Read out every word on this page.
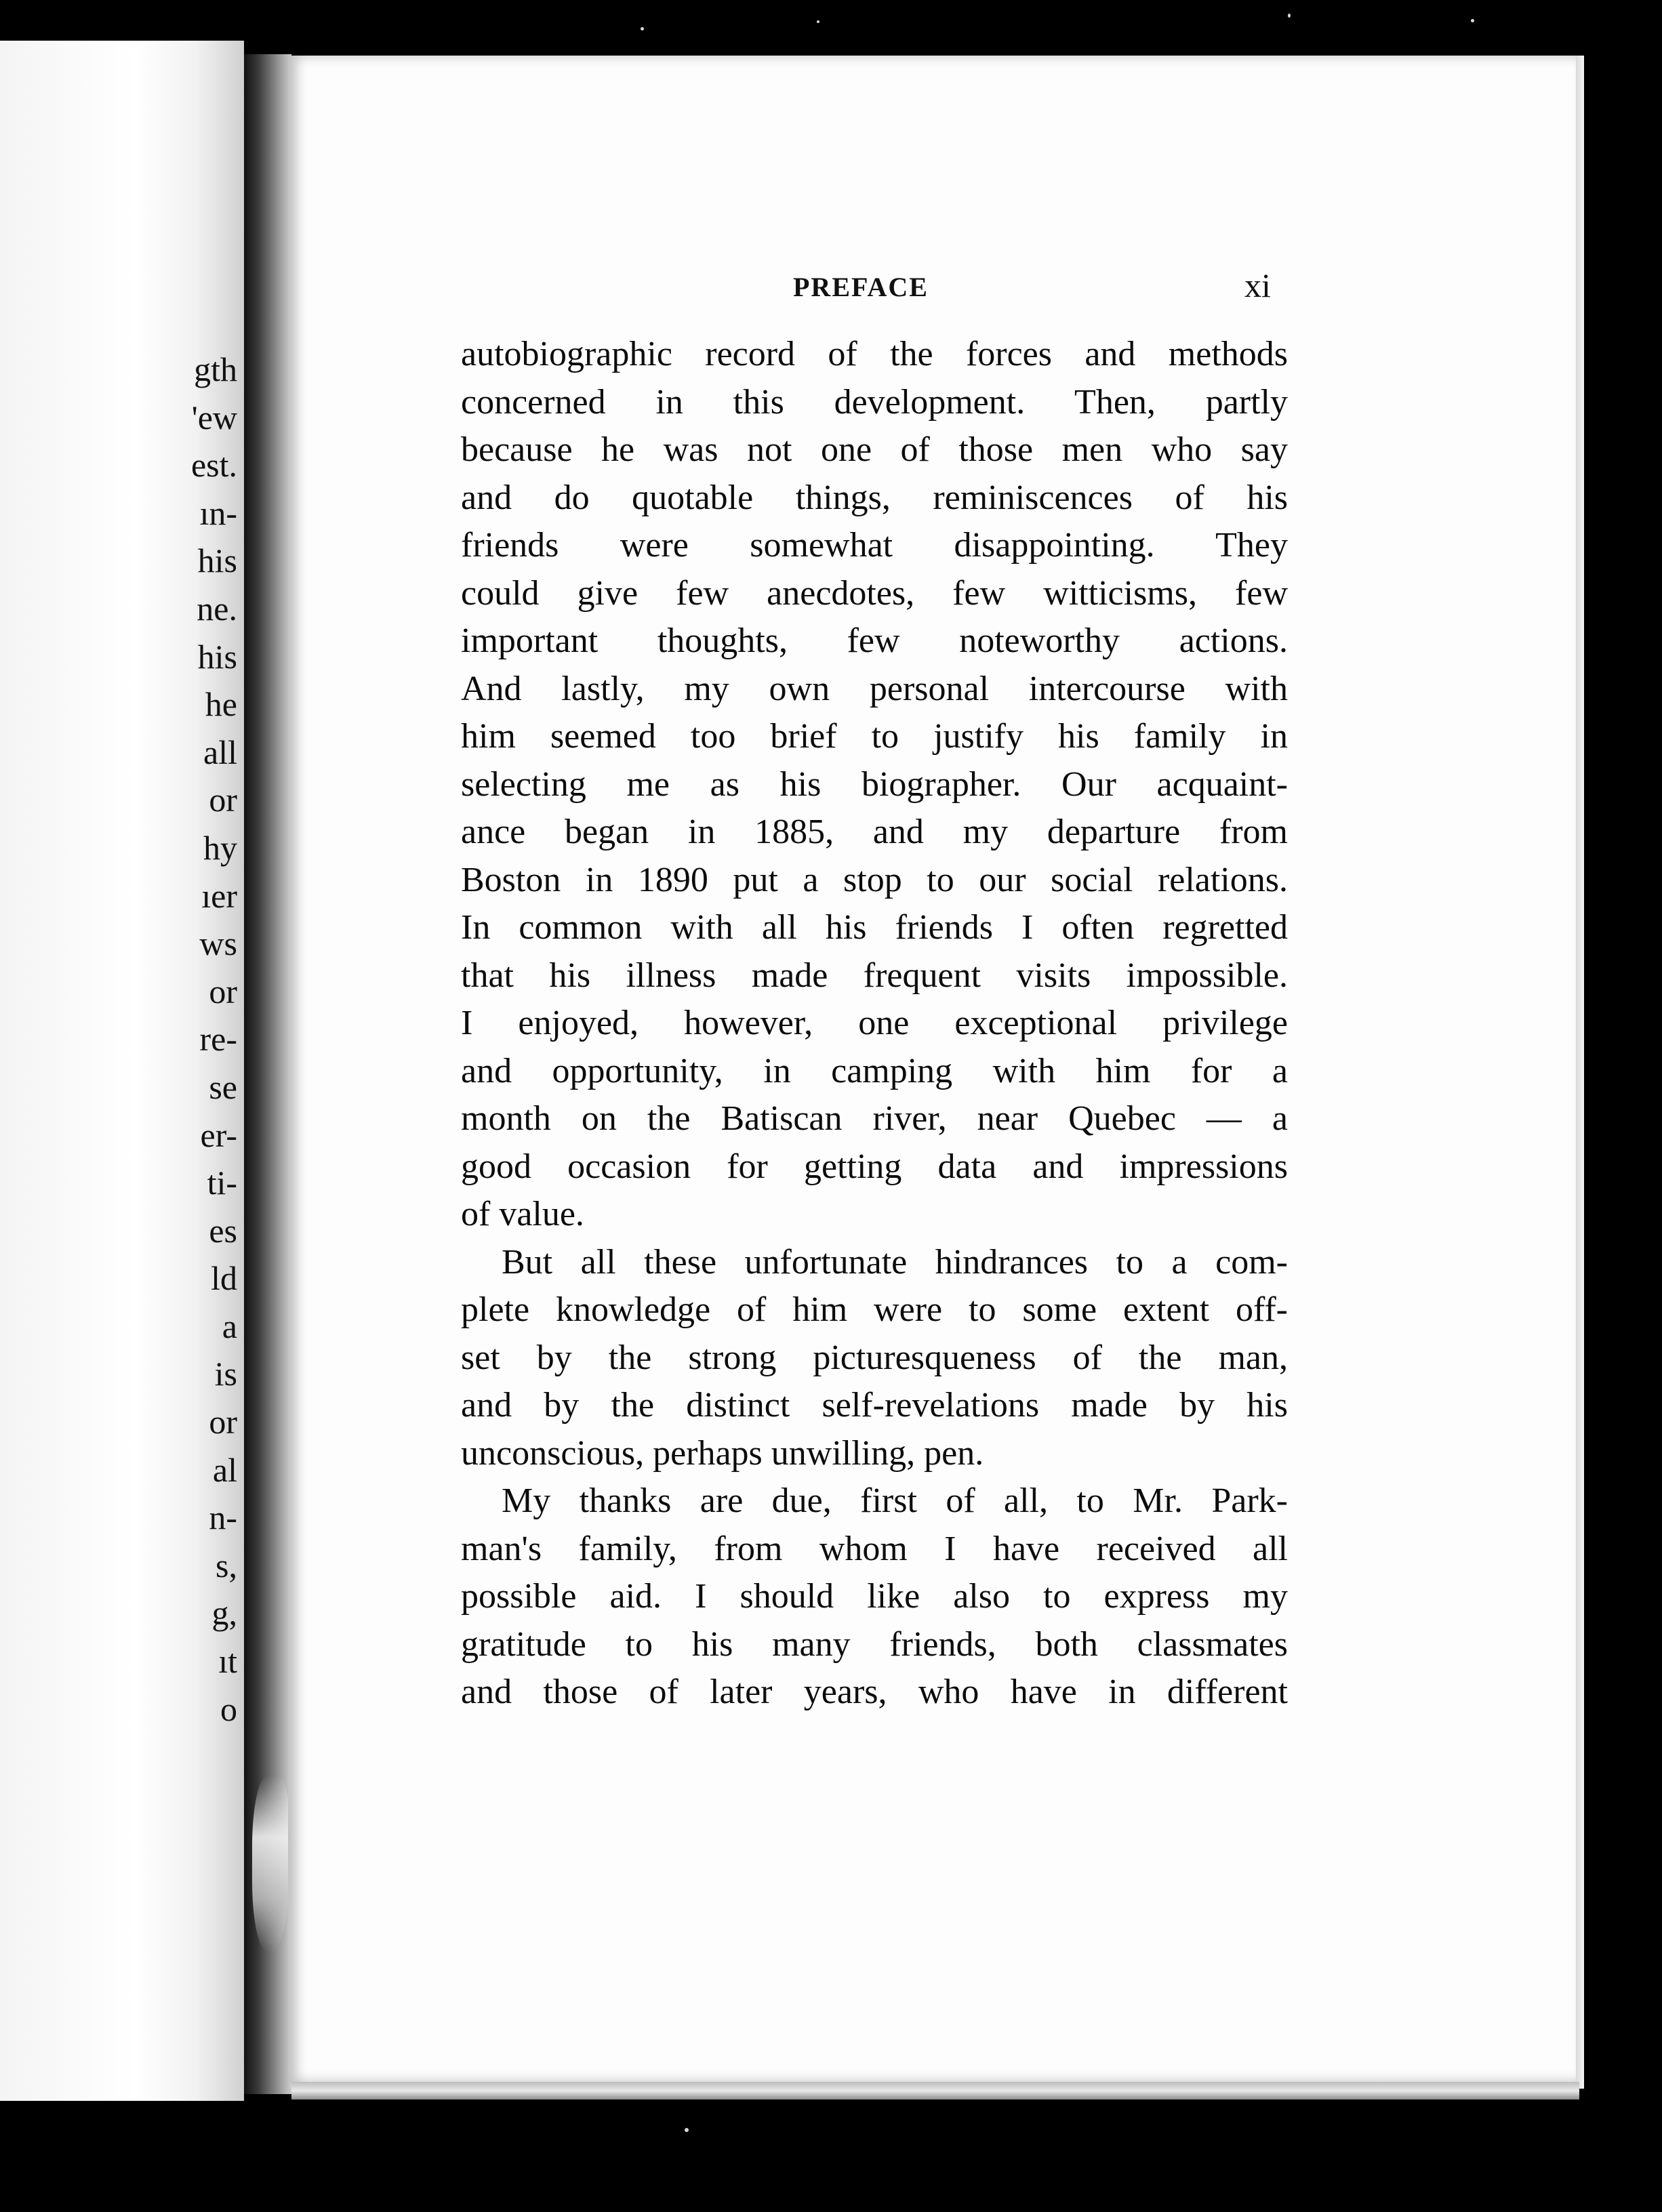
gth
'ew
est.
ın-
his
ne.
his
he
all
or
hy
ıer
ws
or
re-
se
er-
ti-
es
ld
a
is
or
al
n-
s,
g,
ıt
o
PREFACE	xi
autobiographic record of the forces and methods
concerned in this development. Then, partly
because he was not one of those men who say
and do quotable things, reminiscences of his
friends were somewhat disappointing. They
could give few anecdotes, few witticisms, few
important thoughts, few noteworthy actions.
And lastly, my own personal intercourse with
him seemed too brief to justify his family in
selecting me as his biographer. Our acquaint-
ance began in 1885, and my departure from
Boston in 1890 put a stop to our social relations.
In common with all his friends I often regretted
that his illness made frequent visits impossible.
I enjoyed, however, one exceptional privilege
and opportunity, in camping with him for a
month on the Batiscan river, near Quebec — a
good occasion for getting data and impressions
of value.
But all these unfortunate hindrances to a com-
plete knowledge of him were to some extent off-
set by the strong picturesqueness of the man,
and by the distinct self-revelations made by his
unconscious, perhaps unwilling, pen.
My thanks are due, first of all, to Mr. Park-
man's family, from whom I have received all
possible aid. I should like also to express my
gratitude to his many friends, both classmates
and those of later years, who have in different
